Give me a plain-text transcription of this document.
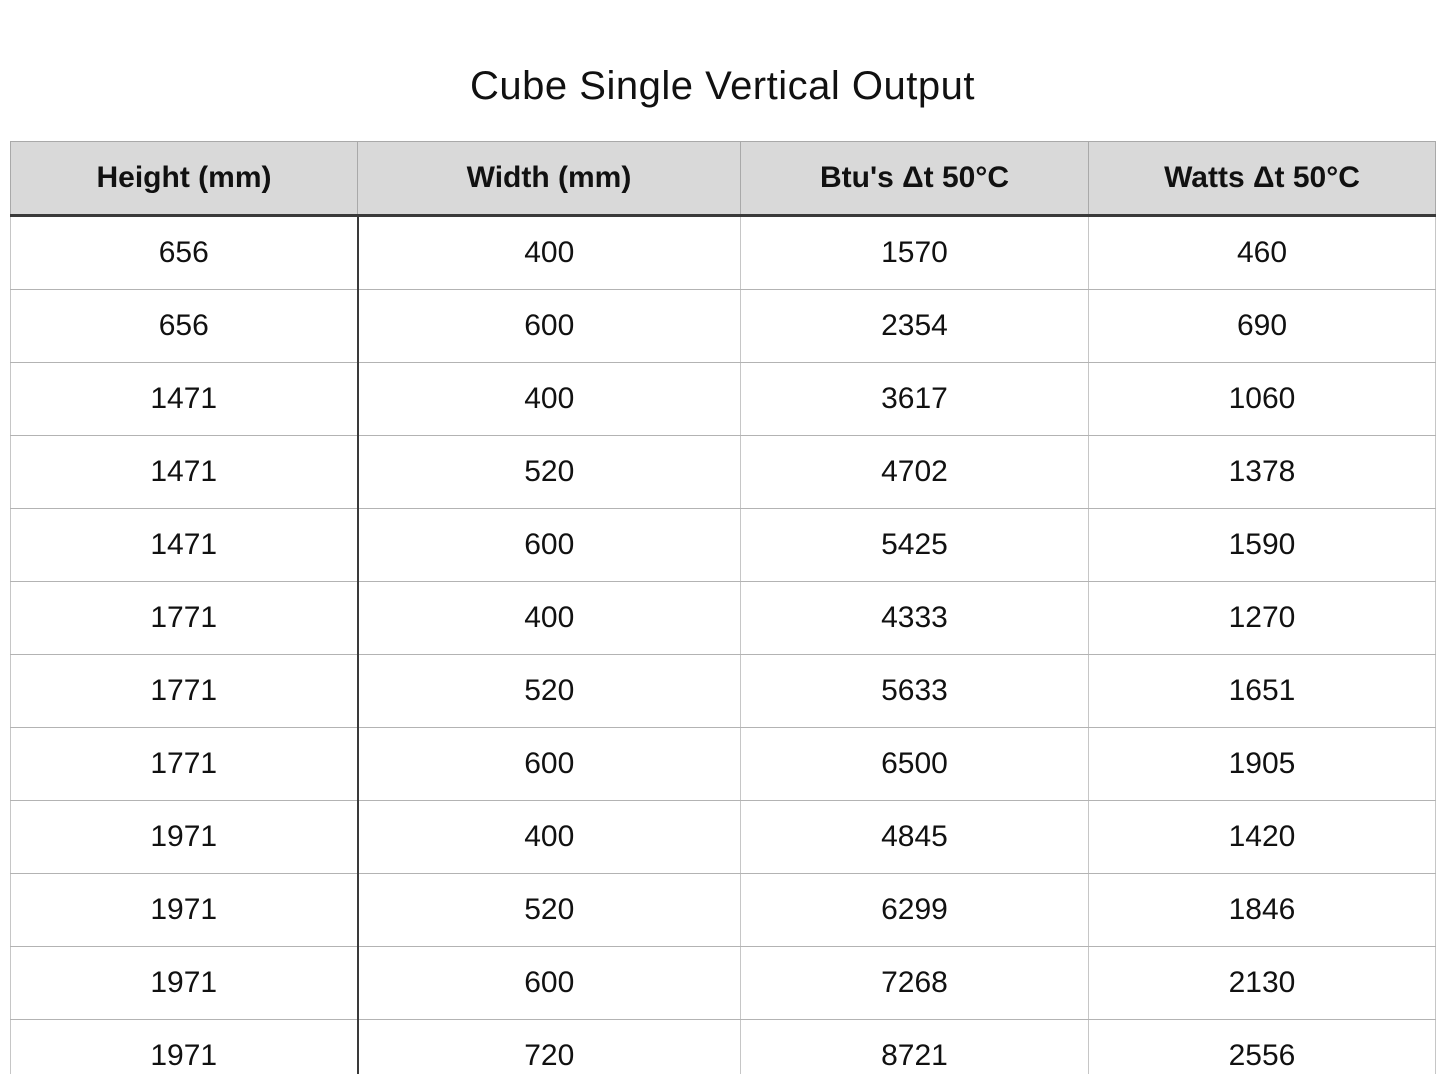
Cube Single Vertical Output
Height (mm)	Width (mm)	Btu's Δt 50°C	Watts Δt 50°C
656	400	1570	460
656	600	2354	690
1471	400	3617	1060
1471	520	4702	1378
1471	600	5425	1590
1771	400	4333	1270
1771	520	5633	1651
1771	600	6500	1905
1971	400	4845	1420
1971	520	6299	1846
1971	600	7268	2130
1971	720	8721	2556
